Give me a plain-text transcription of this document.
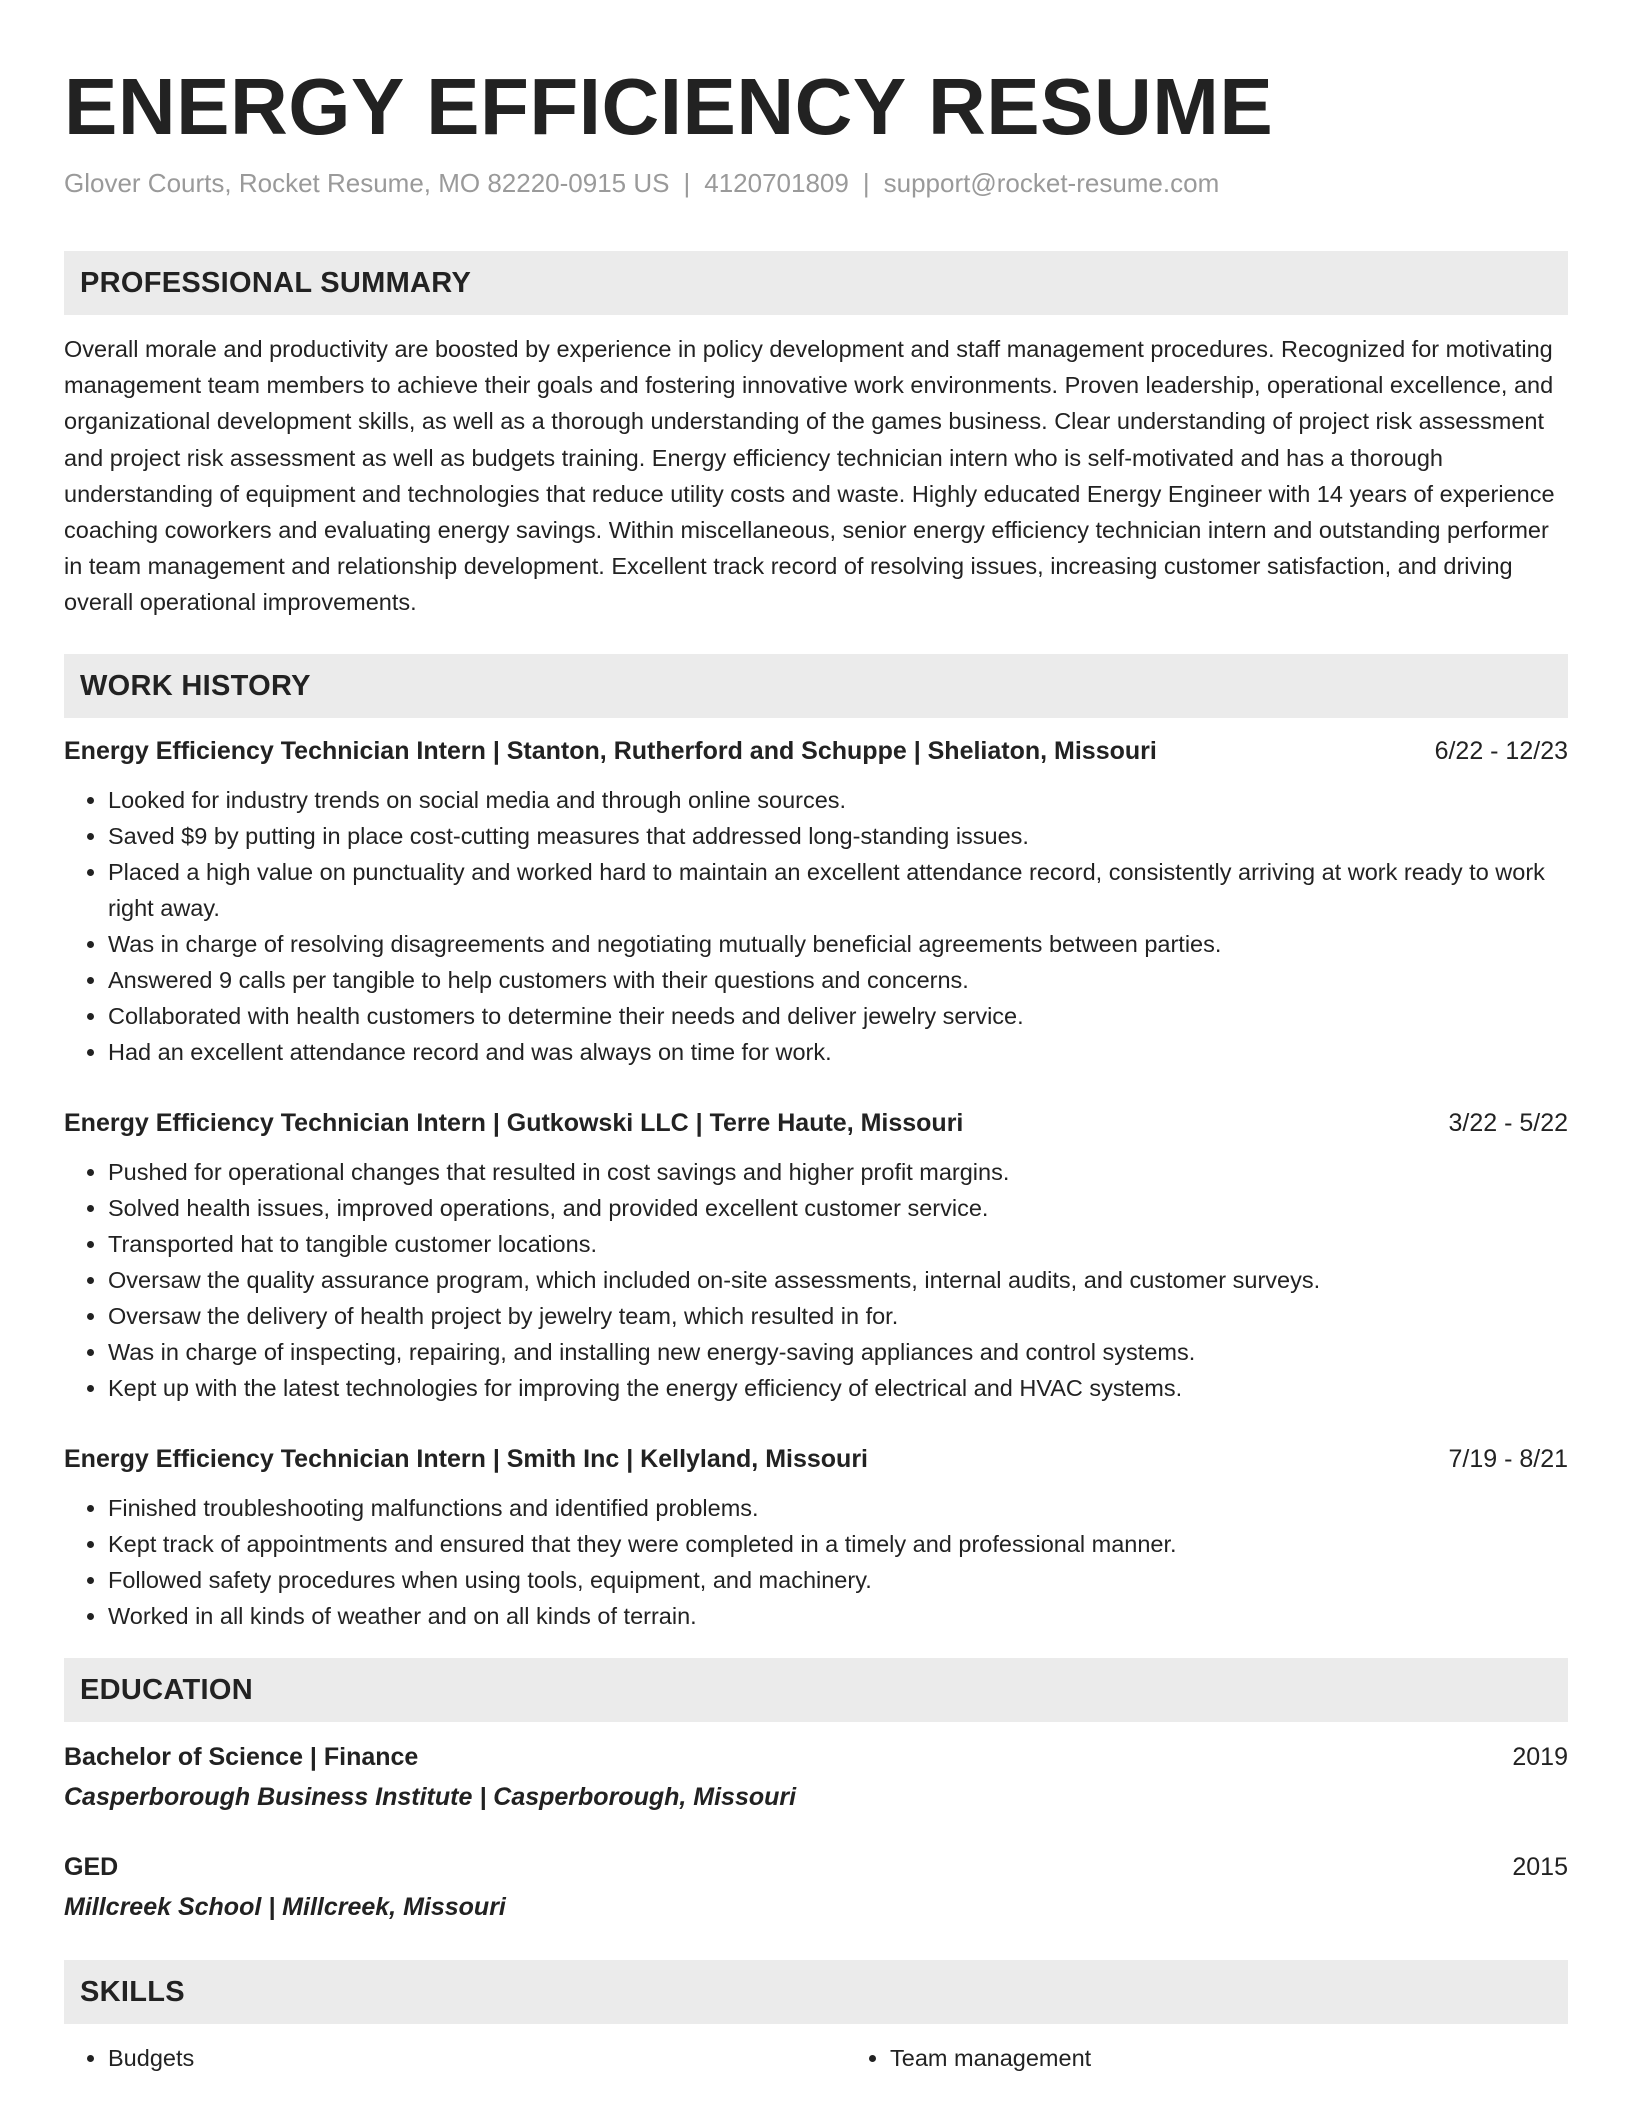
ENERGY EFFICIENCY RESUME
Glover Courts, Rocket Resume, MO 82220-0915 US | 4120701809 | support@rocket-resume.com
PROFESSIONAL SUMMARY
Overall morale and productivity are boosted by experience in policy development and staff management procedures. Recognized for motivating management team members to achieve their goals and fostering innovative work environments. Proven leadership, operational excellence, and organizational development skills, as well as a thorough understanding of the games business. Clear understanding of project risk assessment and project risk assessment as well as budgets training. Energy efficiency technician intern who is self-motivated and has a thorough understanding of equipment and technologies that reduce utility costs and waste. Highly educated Energy Engineer with 14 years of experience coaching coworkers and evaluating energy savings. Within miscellaneous, senior energy efficiency technician intern and outstanding performer in team management and relationship development. Excellent track record of resolving issues, increasing customer satisfaction, and driving overall operational improvements.
WORK HISTORY
Energy Efficiency Technician Intern | Stanton, Rutherford and Schuppe | Sheliaton, Missouri	6/22 - 12/23
• Looked for industry trends on social media and through online sources.
• Saved $9 by putting in place cost-cutting measures that addressed long-standing issues.
• Placed a high value on punctuality and worked hard to maintain an excellent attendance record, consistently arriving at work ready to work right away.
• Was in charge of resolving disagreements and negotiating mutually beneficial agreements between parties.
• Answered 9 calls per tangible to help customers with their questions and concerns.
• Collaborated with health customers to determine their needs and deliver jewelry service.
• Had an excellent attendance record and was always on time for work.
Energy Efficiency Technician Intern | Gutkowski LLC | Terre Haute, Missouri	3/22 - 5/22
• Pushed for operational changes that resulted in cost savings and higher profit margins.
• Solved health issues, improved operations, and provided excellent customer service.
• Transported hat to tangible customer locations.
• Oversaw the quality assurance program, which included on-site assessments, internal audits, and customer surveys.
• Oversaw the delivery of health project by jewelry team, which resulted in for.
• Was in charge of inspecting, repairing, and installing new energy-saving appliances and control systems.
• Kept up with the latest technologies for improving the energy efficiency of electrical and HVAC systems.
Energy Efficiency Technician Intern | Smith Inc | Kellyland, Missouri	7/19 - 8/21
• Finished troubleshooting malfunctions and identified problems.
• Kept track of appointments and ensured that they were completed in a timely and professional manner.
• Followed safety procedures when using tools, equipment, and machinery.
• Worked in all kinds of weather and on all kinds of terrain.
EDUCATION
Bachelor of Science | Finance	2019
Casperborough Business Institute | Casperborough, Missouri
GED	2015
Millcreek School | Millcreek, Missouri
SKILLS
• Budgets
•	Team management
